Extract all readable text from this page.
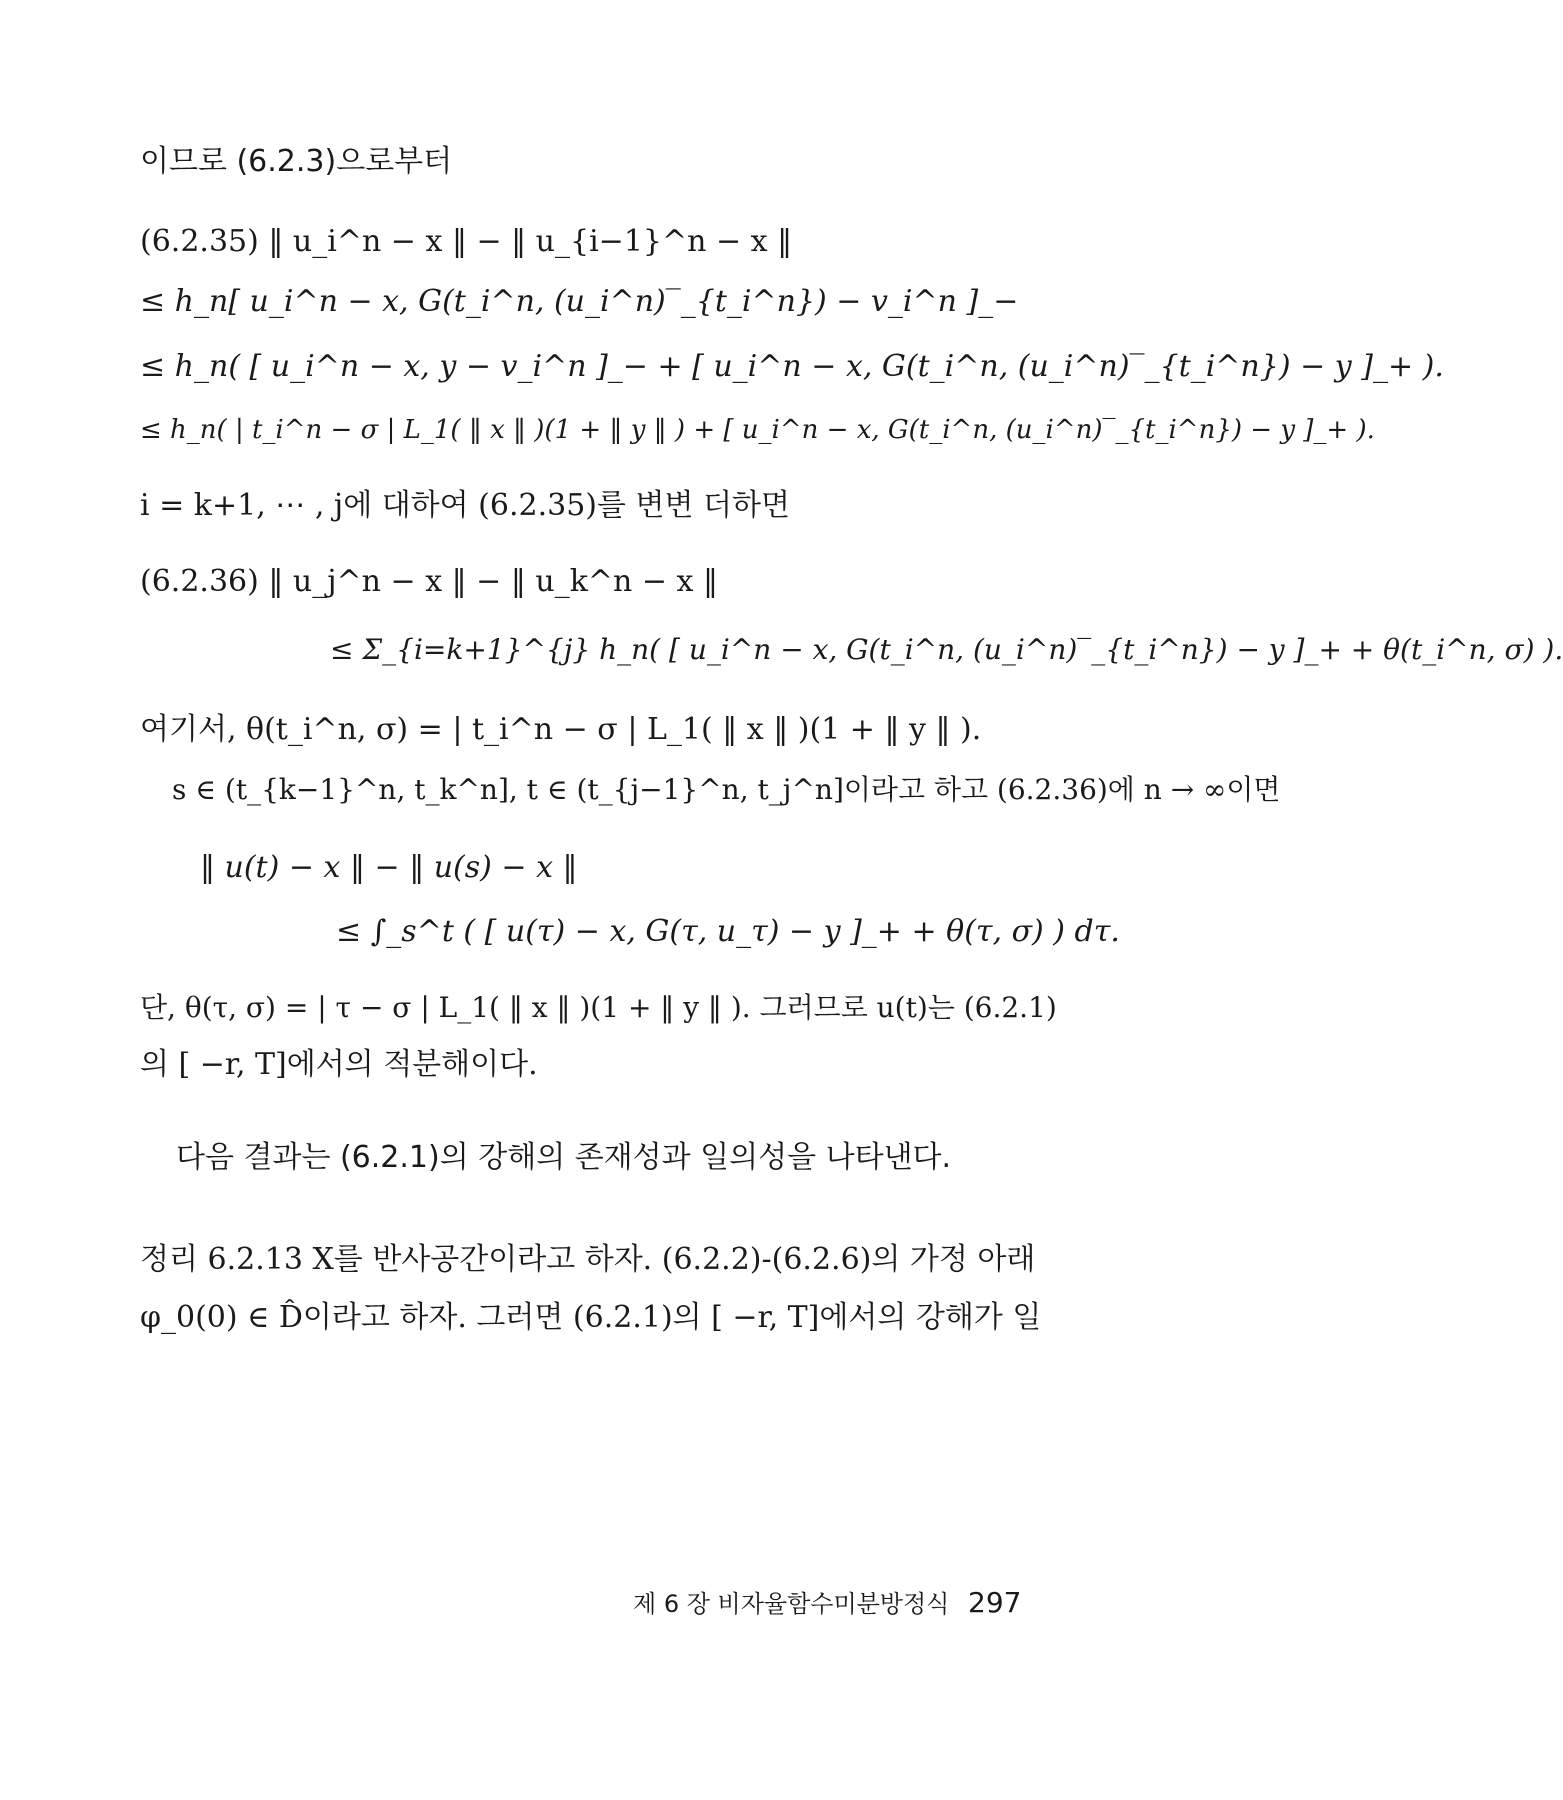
이므로 (6.2.3)으로부터
(6.2.35) ‖ u_i^n − x ‖ − ‖ u_{i−1}^n − x ‖
≤ h_n[ u_i^n − x, G(t_i^n, (u_i^n)‾_{t_i^n}) − v_i^n ]_−
≤ h_n( [ u_i^n − x, y − v_i^n ]_− + [ u_i^n − x, G(t_i^n, (u_i^n)‾_{t_i^n}) − y ]_+ ).
≤ h_n( | t_i^n − σ | L_1( ‖ x ‖ )(1 + ‖ y ‖ ) + [ u_i^n − x, G(t_i^n, (u_i^n)‾_{t_i^n}) − y ]_+ ).
i = k+1, ⋯ , j에 대하여 (6.2.35)를 변변 더하면
(6.2.36) ‖ u_j^n − x ‖ − ‖ u_k^n − x ‖
≤ Σ_{i=k+1}^{j} h_n( [ u_i^n − x, G(t_i^n, (u_i^n)‾_{t_i^n}) − y ]_+ + θ(t_i^n, σ) ).
여기서, θ(t_i^n, σ) = | t_i^n − σ | L_1( ‖ x ‖ )(1 + ‖ y ‖ ).
s ∈ (t_{k−1}^n, t_k^n], t ∈ (t_{j−1}^n, t_j^n]이라고 하고 (6.2.36)에 n → ∞이면
‖ u(t) − x ‖ − ‖ u(s) − x ‖
≤ ∫_s^t ( [ u(τ) − x, G(τ, u_τ) − y ]_+ + θ(τ, σ) ) dτ.
단, θ(τ, σ) = | τ − σ | L_1( ‖ x ‖ )(1 + ‖ y ‖ ). 그러므로 u(t)는 (6.2.1)
의 [ −r, T]에서의 적분해이다.
다음 결과는 (6.2.1)의 강해의 존재성과 일의성을 나타낸다.
정리 6.2.13 X를 반사공간이라고 하자. (6.2.2)-(6.2.6)의 가정 아래
φ_0(0) ∈ D̂이라고 하자. 그러면 (6.2.1)의 [ −r, T]에서의 강해가 일
제 6 장 비자율함수미분방정식 297
